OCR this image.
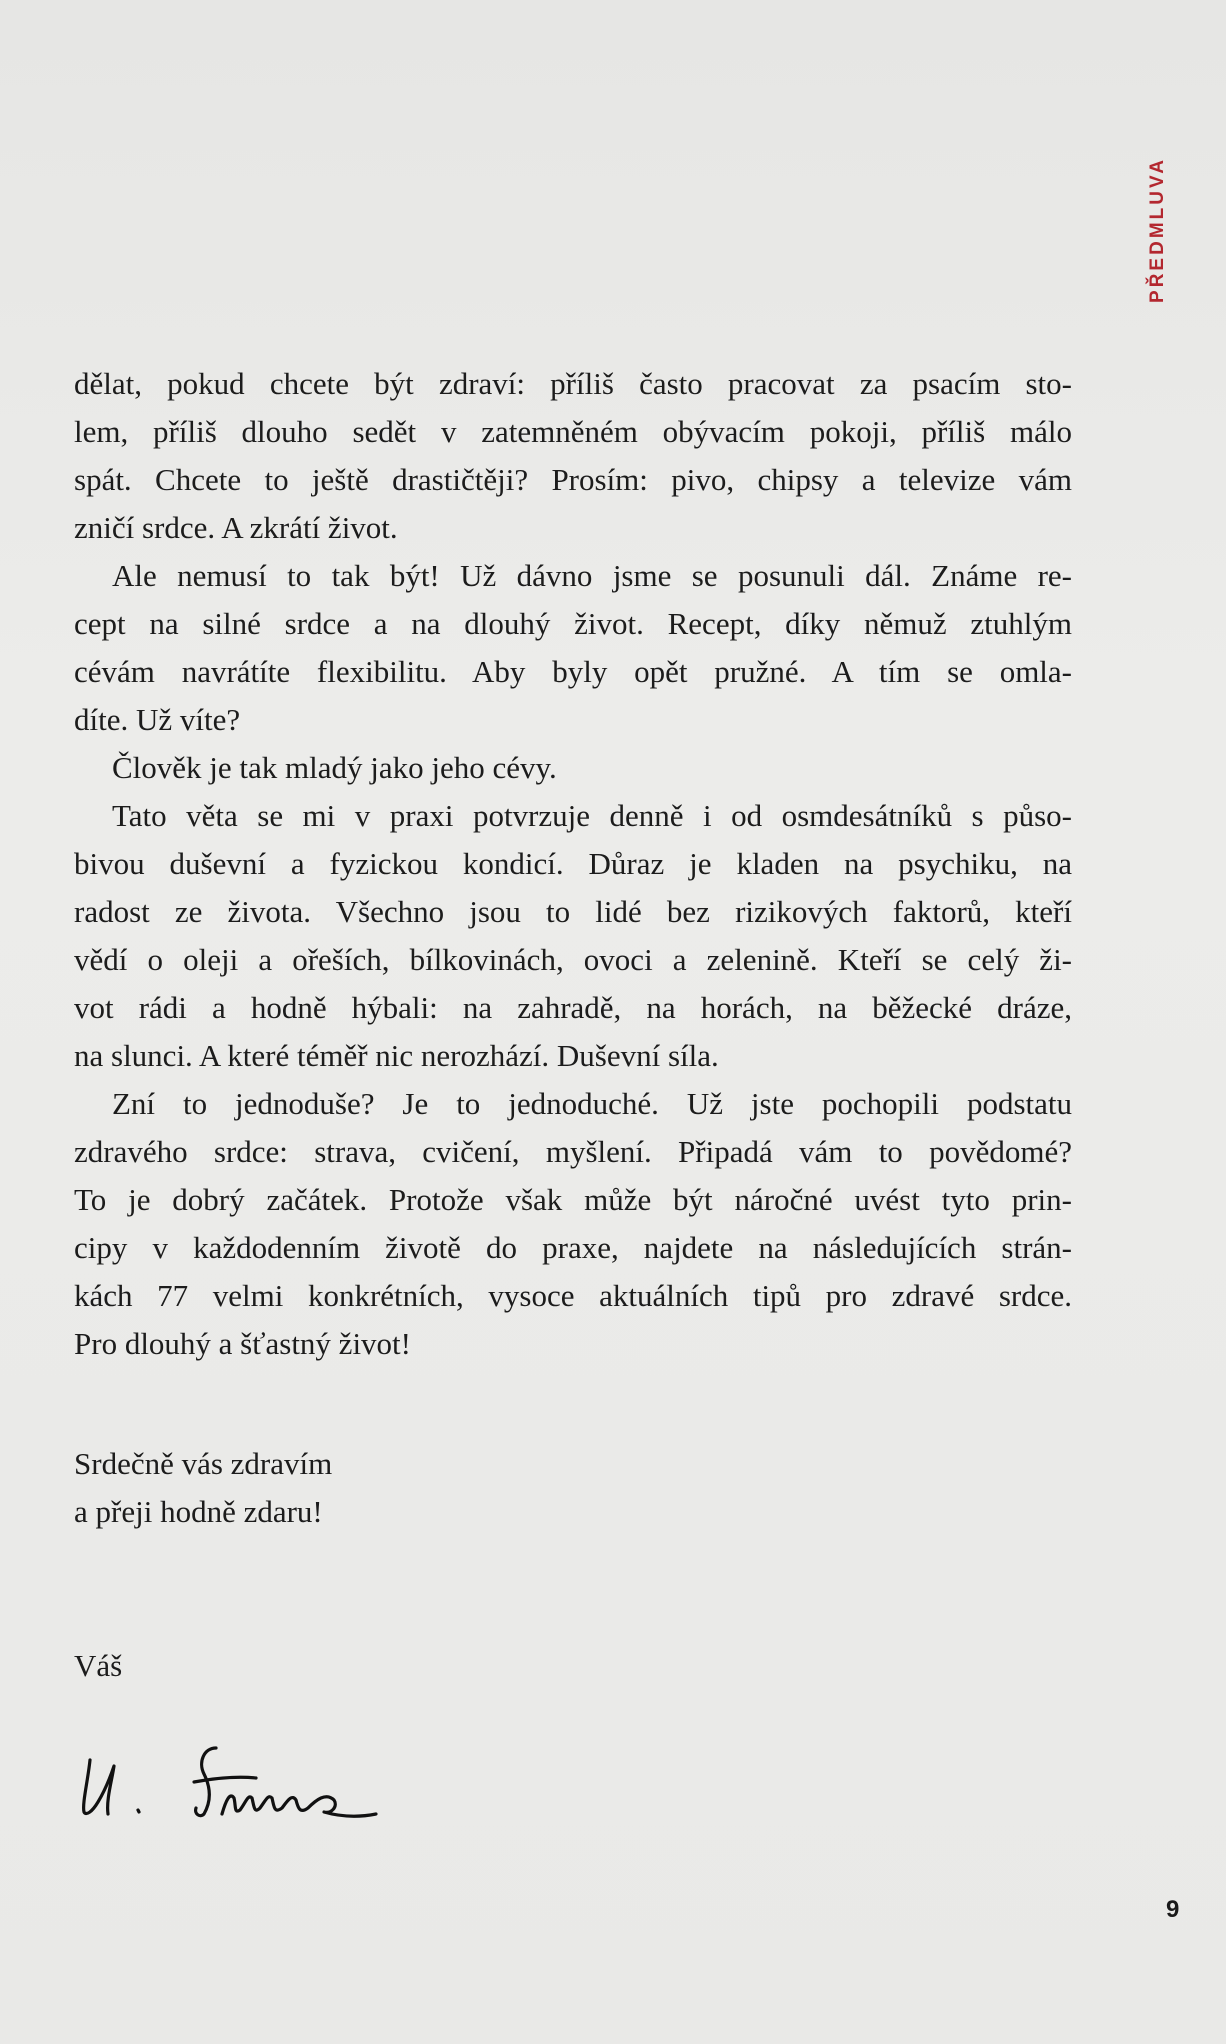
PŘEDMLUVA

dělat, pokud chcete být zdraví: příliš často pracovat za psacím sto-
lem, příliš dlouho sedět v zatemněném obývacím pokoji, příliš málo
spát. Chcete to ještě drastičtěji? Prosím: pivo, chipsy a televize vám
zničí srdce. A zkrátí život.

Ale nemusí to tak být! Už dávno jsme se posunuli dál. Známe re-
cept na silné srdce a na dlouhý život. Recept, díky němuž ztuhlým
cévám navrátíte flexibilitu. Aby byly opět pružné. A tím se omla-
díte. Už víte?

Člověk je tak mladý jako jeho cévy.

Tato věta se mi v praxi potvrzuje denně i od osmdesátníků s půso-
bivou duševní a fyzickou kondicí. Důraz je kladen na psychiku, na
radost ze života. Všechno jsou to lidé bez rizikových faktorů, kteří
vědí o oleji a ořeších, bílkovinách, ovoci a zelenině. Kteří se celý ži-
vot rádi a hodně hýbali: na zahradě, na horách, na běžecké dráze,
na slunci. A které téměř nic nerozhází. Duševní síla.

Zní to jednoduše? Je to jednoduché. Už jste pochopili podstatu
zdravého srdce: strava, cvičení, myšlení. Připadá vám to povědomé?
To je dobrý začátek. Protože však může být náročné uvést tyto prin-
cipy v každodenním životě do praxe, najdete na následujících strán-
kách 77 velmi konkrétních, vysoce aktuálních tipů pro zdravé srdce.
Pro dlouhý a šťastný život!

Srdečně vás zdravím
a přeji hodně zdaru!
Váš
9
